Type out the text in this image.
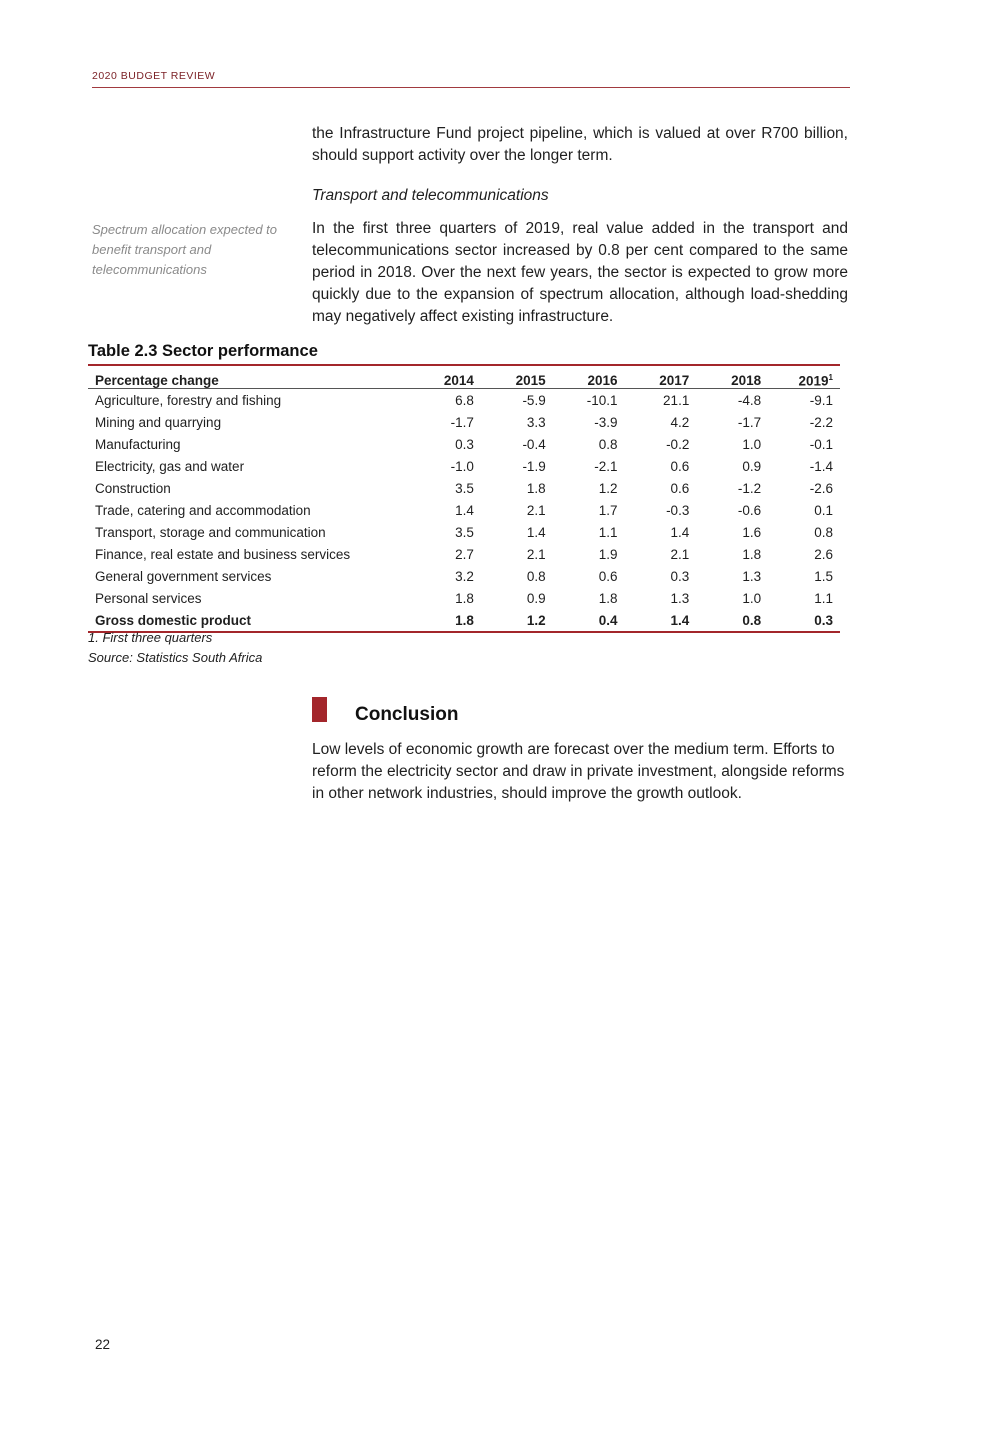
2020 BUDGET REVIEW

the Infrastructure Fund project pipeline, which is valued at over R700 billion, should support activity over the longer term.

Transport and telecommunications
Spectrum allocation expected to benefit transport and telecommunications

In the first three quarters of 2019, real value added in the transport and telecommunications sector increased by 0.8 per cent compared to the same period in 2018. Over the next few years, the sector is expected to grow more quickly due to the expansion of spectrum allocation, although load-shedding may negatively affect existing infrastructure.

Table 2.3 Sector performance
Percentage change	2014	2015	2016	2017	2018	2019$^1$
Agriculture, forestry and fishing	6.8	-5.9	-10.1	21.1	-4.8	-9.1
Mining and quarrying	-1.7	3.3	-3.9	4.2	-1.7	-2.2
Manufacturing	0.3	-0.4	0.8	-0.2	1.0	-0.1
Electricity, gas and water	-1.0	-1.9	-2.1	0.6	0.9	-1.4
Construction	3.5	1.8	1.2	0.6	-1.2	-2.6
Trade, catering and accommodation	1.4	2.1	1.7	-0.3	-0.6	0.1
Transport, storage and communication	3.5	1.4	1.1	1.4	1.6	0.8
Finance, real estate and business services	2.7	2.1	1.9	2.1	1.8	2.6
General government services	3.2	0.8	0.6	0.3	1.3	1.5
Personal services	1.8	0.9	1.8	1.3	1.0	1.1
Gross domestic product	1.8	1.2	0.4	1.4	0.8	0.3
1. First three quarters
Source: Statistics South Africa
Conclusion

Low levels of economic growth are forecast over the medium term. Efforts to reform the electricity sector and draw in private investment, alongside reforms in other network industries, should improve the growth outlook.

22
